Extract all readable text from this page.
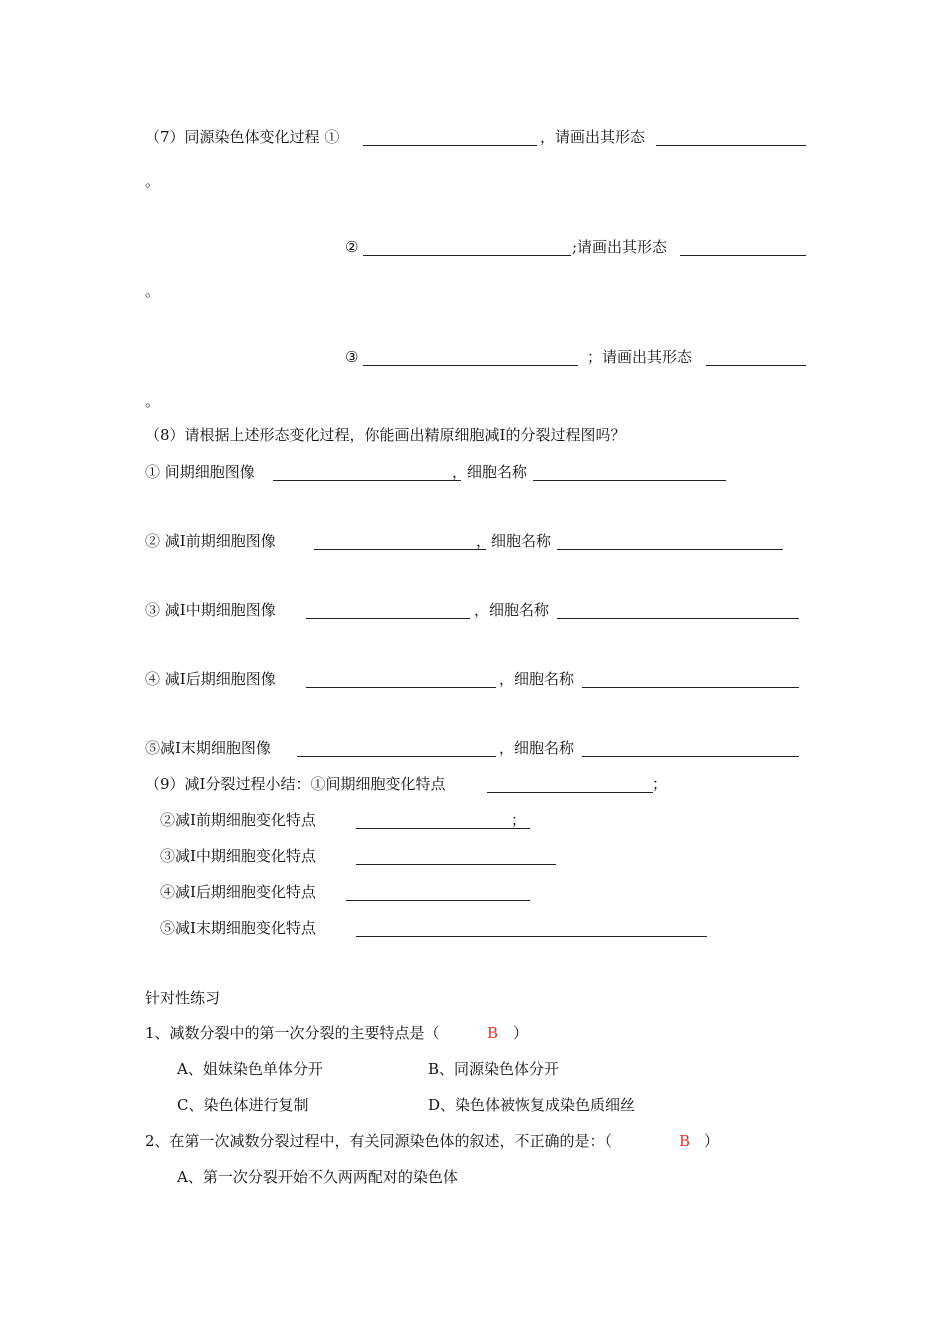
（7）同源染色体变化过程 ①	，请画出其形态
。
②	;请画出其形态
。
③	；请画出其形态
。
（8）请根据上述形态变化过程，你能画出精原细胞减Ⅰ的分裂过程图吗？
① 间期细胞图像	，细胞名称
② 减Ⅰ前期细胞图像	，细胞名称
③ 减Ⅰ中期细胞图像	，细胞名称
④ 减Ⅰ后期细胞图像	，细胞名称
⑤减Ⅰ末期细胞图像	，细胞名称
（9）减Ⅰ分裂过程小结：①间期细胞变化特点	；
②减Ⅰ前期细胞变化特点	；
③减Ⅰ中期细胞变化特点
④减Ⅰ后期细胞变化特点
⑤减Ⅰ末期细胞变化特点
针对性练习
1、减数分裂中的第一次分裂的主要特点是（	B ）
A、姐妹染色单体分开	B、同源染色体分开
C、染色体进行复制	D、染色体被恢复成染色质细丝
2、在第一次减数分裂过程中，有关同源染色体的叙述，不正确的是：（	B ）
A、第一次分裂开始不久两两配对的染色体
